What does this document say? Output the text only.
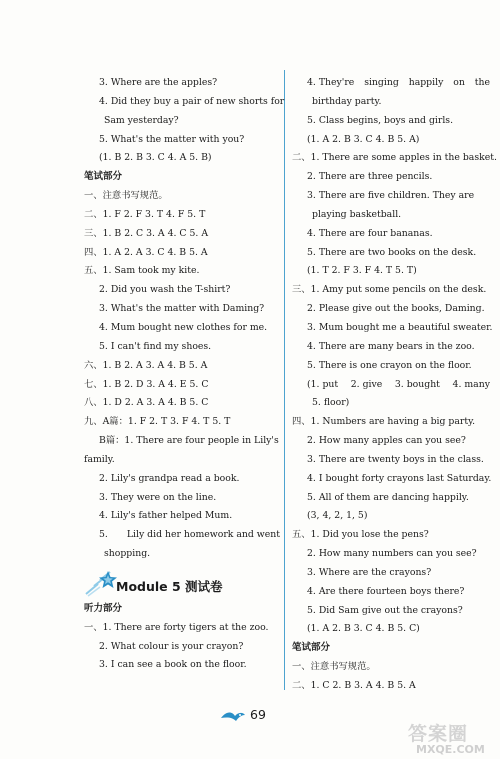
3. Where are the apples?
4. Did they buy a pair of new shorts for
Sam yesterday?
5. What's the matter with you?
(1. B 2. B 3. C 4. A 5. B)
笔试部分
一、注意书写规范。
二、1. F 2. F 3. T 4. F 5. T
三、1. B 2. C 3. A 4. C 5. A
四、1. A 2. A 3. C 4. B 5. A
五、1. Sam took my kite.
2. Did you wash the T-shirt?
3. What's the matter with Daming?
4. Mum bought new clothes for me.
5. I can't find my shoes.
六、1. B 2. A 3. A 4. B 5. A
七、1. B 2. D 3. A 4. E 5. C
八、1. D 2. A 3. A 4. B 5. C
九、A篇：1. F 2. T 3. F 4. T 5. T
B篇：1. There are four people in Lily's
family.
2. Lily's grandpa read a book.
3. They were on the line.
4. Lily's father helped Mum.
5. Lily did her homework and went
shopping.
Module 5 测试卷
听力部分
一、1. There are forty tigers at the zoo.
2. What colour is your crayon?
3. I can see a book on the floor.
4. They're singing happily on the
birthday party.
5. Class begins, boys and girls.
(1. A 2. B 3. C 4. B 5. A)
二、1. There are some apples in the basket.
2. There are three pencils.
3. There are five children. They are
playing basketball.
4. There are four bananas.
5. There are two books on the desk.
(1. T 2. F 3. F 4. T 5. T)
三、1. Amy put some pencils on the desk.
2. Please give out the books, Daming.
3. Mum bought me a beautiful sweater.
4. There are many bears in the zoo.
5. There is one crayon on the floor.
(1. put 2. give 3. bought 4. many
5. floor)
四、1. Numbers are having a big party.
2. How many apples can you see?
3. There are twenty boys in the class.
4. I bought forty crayons last Saturday.
5. All of them are dancing happily.
(3, 4, 2, 1, 5)
五、1. Did you lose the pens?
2. How many numbers can you see?
3. Where are the crayons?
4. Are there fourteen boys there?
5. Did Sam give out the crayons?
(1. A 2. B 3. C 4. B 5. C)
笔试部分
一、注意书写规范。
二、1. C 2. B 3. A 4. B 5. A
69
答案圈
MXQE.COM
